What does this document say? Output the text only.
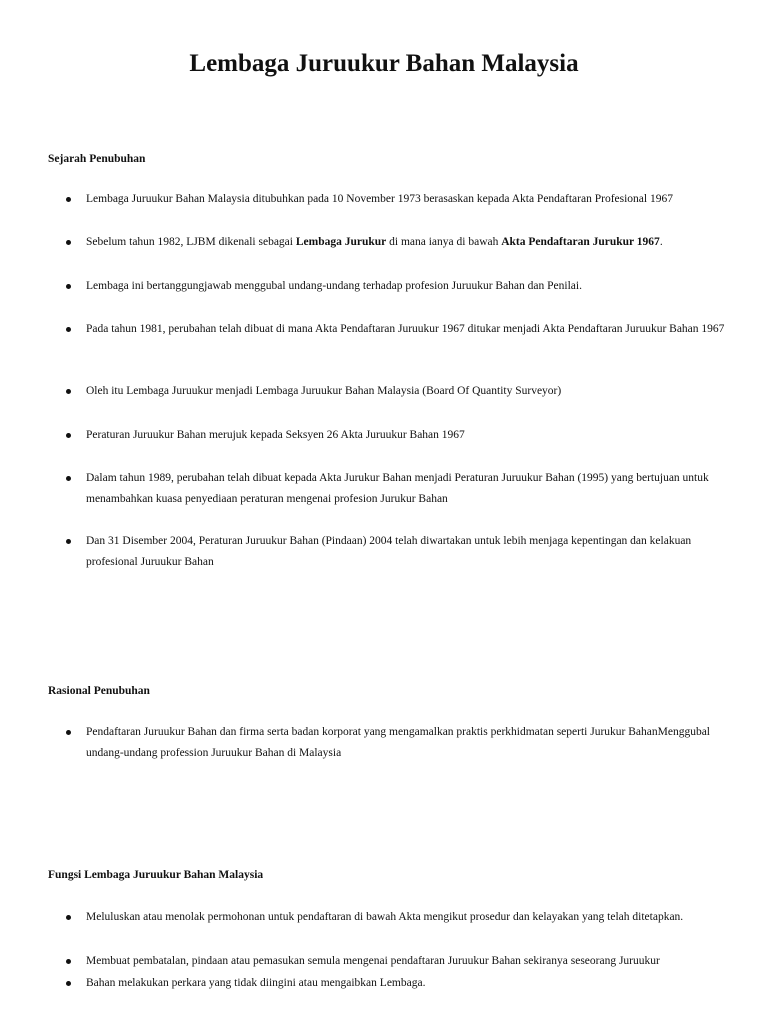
Lembaga Juruukur Bahan Malaysia
Sejarah Penubuhan

Lembaga Juruukur Bahan Malaysia ditubuhkan pada 10 November 1973 berasaskan kepada Akta Pendaftaran Profesional 1967

Sebelum tahun 1982, LJBM dikenali sebagai Lembaga Jurukur di mana ianya di bawah Akta Pendaftaran Jurukur 1967.

Lembaga ini bertanggungjawab menggubal undang-undang terhadap profesion Juruukur Bahan dan Penilai.

Pada tahun 1981, perubahan telah dibuat di mana Akta Pendaftaran Juruukur 1967 ditukar menjadi Akta Pendaftaran Juruukur Bahan 1967

Oleh itu Lembaga Juruukur menjadi Lembaga Juruukur Bahan Malaysia (Board Of Quantity Surveyor)

Peraturan Juruukur Bahan merujuk kepada Seksyen 26 Akta Juruukur Bahan 1967

Dalam tahun 1989, perubahan telah dibuat kepada Akta Jurukur Bahan menjadi Peraturan Juruukur Bahan (1995) yang bertujuan untuk menambahkan kuasa penyediaan peraturan mengenai profesion Jurukur Bahan

Dan 31 Disember 2004, Peraturan Juruukur Bahan (Pindaan) 2004 telah diwartakan untuk lebih menjaga kepentingan dan kelakuan profesional Juruukur Bahan

Rasional Penubuhan

Pendaftaran Juruukur Bahan dan firma serta badan korporat yang mengamalkan praktis perkhidmatan seperti Jurukur BahanMenggubal undang-undang profession Juruukur Bahan di Malaysia

Fungsi Lembaga Juruukur Bahan Malaysia

Meluluskan atau menolak permohonan untuk pendaftaran di bawah Akta mengikut prosedur dan kelayakan yang telah ditetapkan.

Membuat pembatalan, pindaan atau pemasukan semula mengenai pendaftaran Juruukur Bahan sekiranya seseorang Juruukur

Bahan melakukan perkara yang tidak diingini atau mengaibkan Lembaga.
